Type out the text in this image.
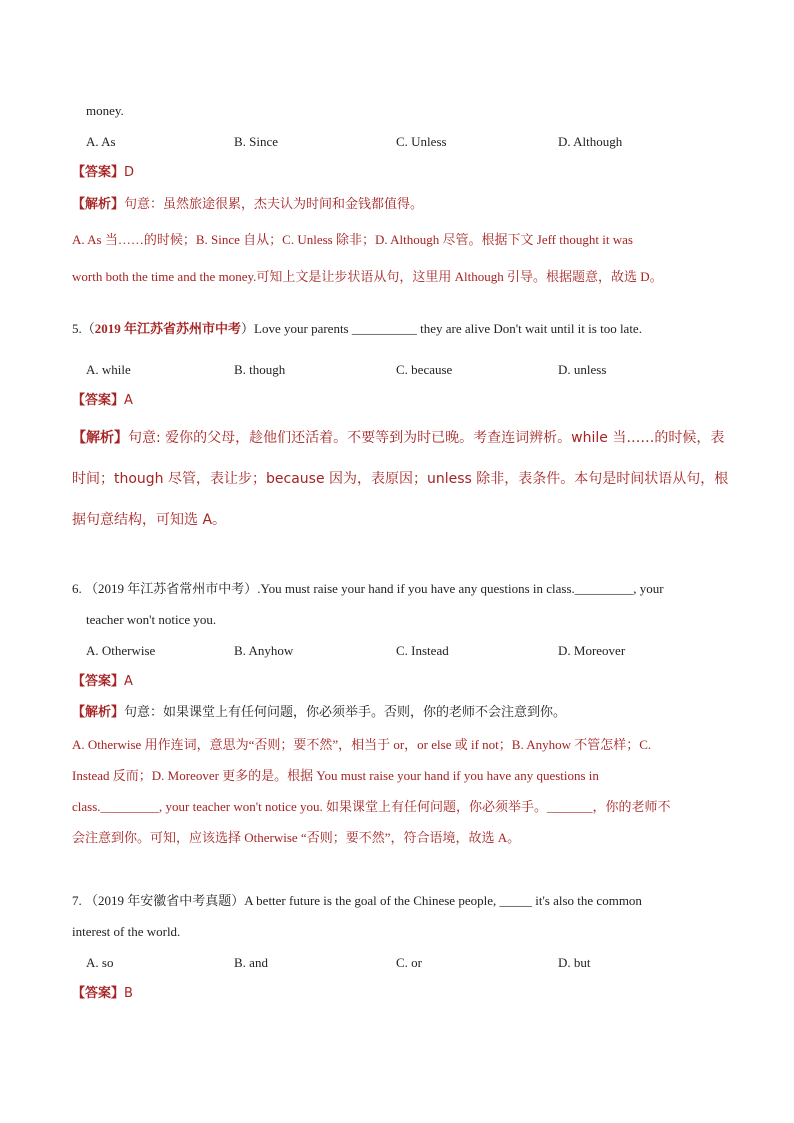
money.
A. As	B. Since	C. Unless	D. Although
【答案】D
【解析】句意：虽然旅途很累，杰夫认为时间和金钱都值得。
A. As 当……的时候；B. Since 自从；C. Unless 除非；D. Although 尽管。根据下文 Jeff thought it was
worth both the time and the money.可知上文是让步状语从句，这里用 Although 引导。根据题意，故选 D。
5.（2019 年江苏省苏州市中考）Love your parents __________ they are alive Don't wait until it is too late.
A. while	B. though	C. because	D. unless
【答案】A
【解析】句意: 爱你的父母，趁他们还活着。不要等到为时已晚。考查连词辨析。while 当……的时候，表
时间；though 尽管，表让步；because 因为，表原因；unless 除非，表条件。本句是时间状语从句，根
据句意结构，可知选 A。
6. （2019 年江苏省常州市中考）.You must raise your hand if you have any questions in class._________, your
teacher won't notice you.
A. Otherwise	B. Anyhow	C. Instead	D. Moreover
【答案】A
【解析】句意：如果课堂上有任何问题，你必须举手。否则，你的老师不会注意到你。
A. Otherwise 用作连词，意思为“否则；要不然”，相当于 or，or else 或 if not；B. Anyhow 不管怎样；C.
Instead 反而；D. Moreover 更多的是。根据 You must raise your hand if you have any questions in
class._________, your teacher won't notice you. 如果课堂上有任何问题，你必须举手。_______，你的老师不
会注意到你。可知，应该选择 Otherwise “否则；要不然”，符合语境，故选 A。
7. （2019 年安徽省中考真题）A better future is the goal of the Chinese people, _____ it's also the common
interest of the world.
A. so	B. and	C. or	D. but
【答案】B
